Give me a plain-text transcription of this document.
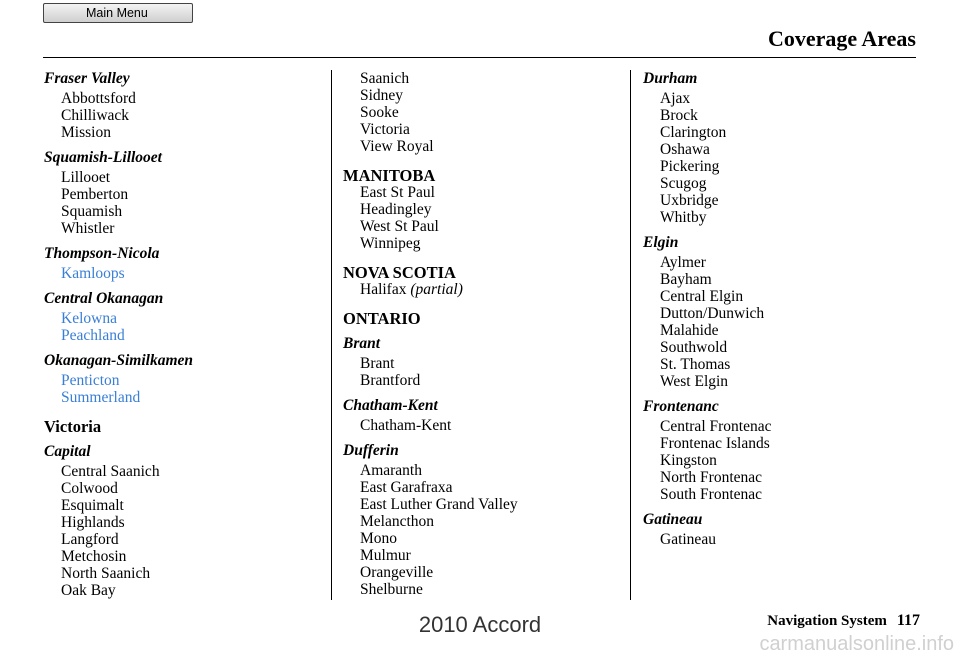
Main Menu
Coverage Areas
Fraser Valley
Abbottsford
Chilliwack
Mission
Squamish-Lillooet
Lillooet
Pemberton
Squamish
Whistler
Thompson-Nicola
Kamloops
Central Okanagan
Kelowna
Peachland
Okanagan-Similkamen
Penticton
Summerland
Victoria
Capital
Central Saanich
Colwood
Esquimalt
Highlands
Langford
Metchosin
North Saanich
Oak Bay
Saanich
Sidney
Sooke
Victoria
View Royal
MANITOBA
East St Paul
Headingley
West St Paul
Winnipeg
NOVA SCOTIA
Halifax (partial)
ONTARIO
Brant
Brant
Brantford
Chatham-Kent
Chatham-Kent
Dufferin
Amaranth
East Garafraxa
East Luther Grand Valley
Melancthon
Mono
Mulmur
Orangeville
Shelburne
Durham
Ajax
Brock
Clarington
Oshawa
Pickering
Scugog
Uxbridge
Whitby
Elgin
Aylmer
Bayham
Central Elgin
Dutton/Dunwich
Malahide
Southwold
St. Thomas
West Elgin
Frontenanc
Central Frontenac
Frontenac Islands
Kingston
North Frontenac
South Frontenac
Gatineau
Gatineau
Navigation System 117
2010 Accord
carmanualsonline.info
